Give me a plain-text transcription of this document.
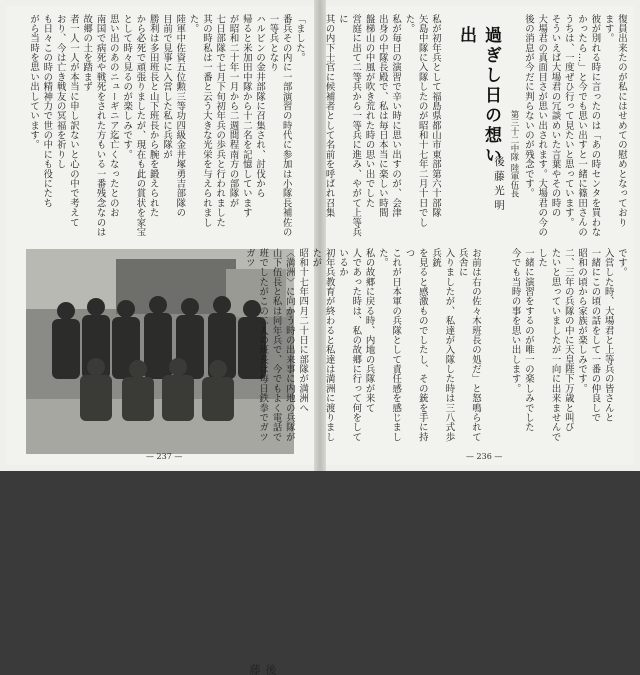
「ました。
番兵その内に一部演習の時代に参加は小隊長補佐の一等兵となり
ハルビンの金井部隊に召集され、討伐から
帰ると米加田中隊から十二名を記憶しています
が昭和二十年一月から二週間程南方の部隊が
七日部隊で七月下旬初年兵の歩兵と行われました
其の時私は一番と云う大きな光栄を与えられました。
陸軍中佐資五位勲三等功四級金井塚勇吉部隊の
目前で見事に入営した私に兵隊が
勝利は多田班長と山下班長から腕を鍛えられた
から必死で頑張りましたが、現在も此の賞状を家宝
として時々見るのが楽しみです。
思い出のあのニューギニア迄亡くなったとのお
南国で病死や戦死をされた方もいる一番残念なのは故郷の土を踏まず
者一人一人が本当に申し訳ないと心の中で考えて
おり、今は亡き戦友の冥福を祈りし
も日々この時の精神力で世の中にも役にたち
がら当時を思い出しています。
後藤
— 237 —
復員出来たのが私にはせめての慰めとなっており
ます。
彼が別れる時に言ったのは「あの時センタを買わな
かったら…」と今でも思い出すと一緒に篠田さんの
うちは、一度ぜひ行って見たいと思っています。
そういえば大場君の冗談めいた言葉やその時の
大場君の真面目さが思い出されます。大場君の今の
後の消息が今だに判らないのが残念です。
後藤光明 第三十二中隊 陸軍伍長
過ぎし日の想い出
私が初年兵として福島県都山市東部第六十部隊
矢島中隊に入隊したのが昭和十七年二月十日でした。
私が毎日の演習で辛い時に思い出すのが、会津
出身の中隊長殿で、私は毎日本当に楽しい時間
盤梯山の中風が吹き荒れた時の思い出でした
営庭に出て二等兵から一等兵に進み、やがて上等兵に
其の内下士官に候補者として名前を呼ばれ召集
お前は右の佐々木班長の処だ」と怒鳴られて兵舎に
入りましたが、私達が入隊した時は三八式歩兵銃
を見ると感激ものでしたし、その銃を手に持つ
これが日本軍の兵隊として責任感を感じました。
私の故郷に戻る時、内地の兵隊が来て
人であった時は、私の故郷に行って何をしているか
初年兵教育が終わると私達は満洲に渡りましたが
昭和十七年四月二十日に部隊が満洲へ
〈満洲〉に向かう時の出来事に内地の兵隊が
山下伍長と私は同年兵で、今でもよく電話で
班でしたがこの二人の班長は毎日鉄拳でガツガツ	です。
入営した時、大場君と上等兵の皆さんと
一緒にこの頃の話をして一番の仲良しで
昭和の頃から家族が楽しみです。
二、三年の兵隊の中に天皇陛下万歳と叫び
たいと思っていましたが一向に出来ませんでした
一緒に演習をするのが唯一の楽しみでした
今でも当時の事を思い出します。
— 236 —
